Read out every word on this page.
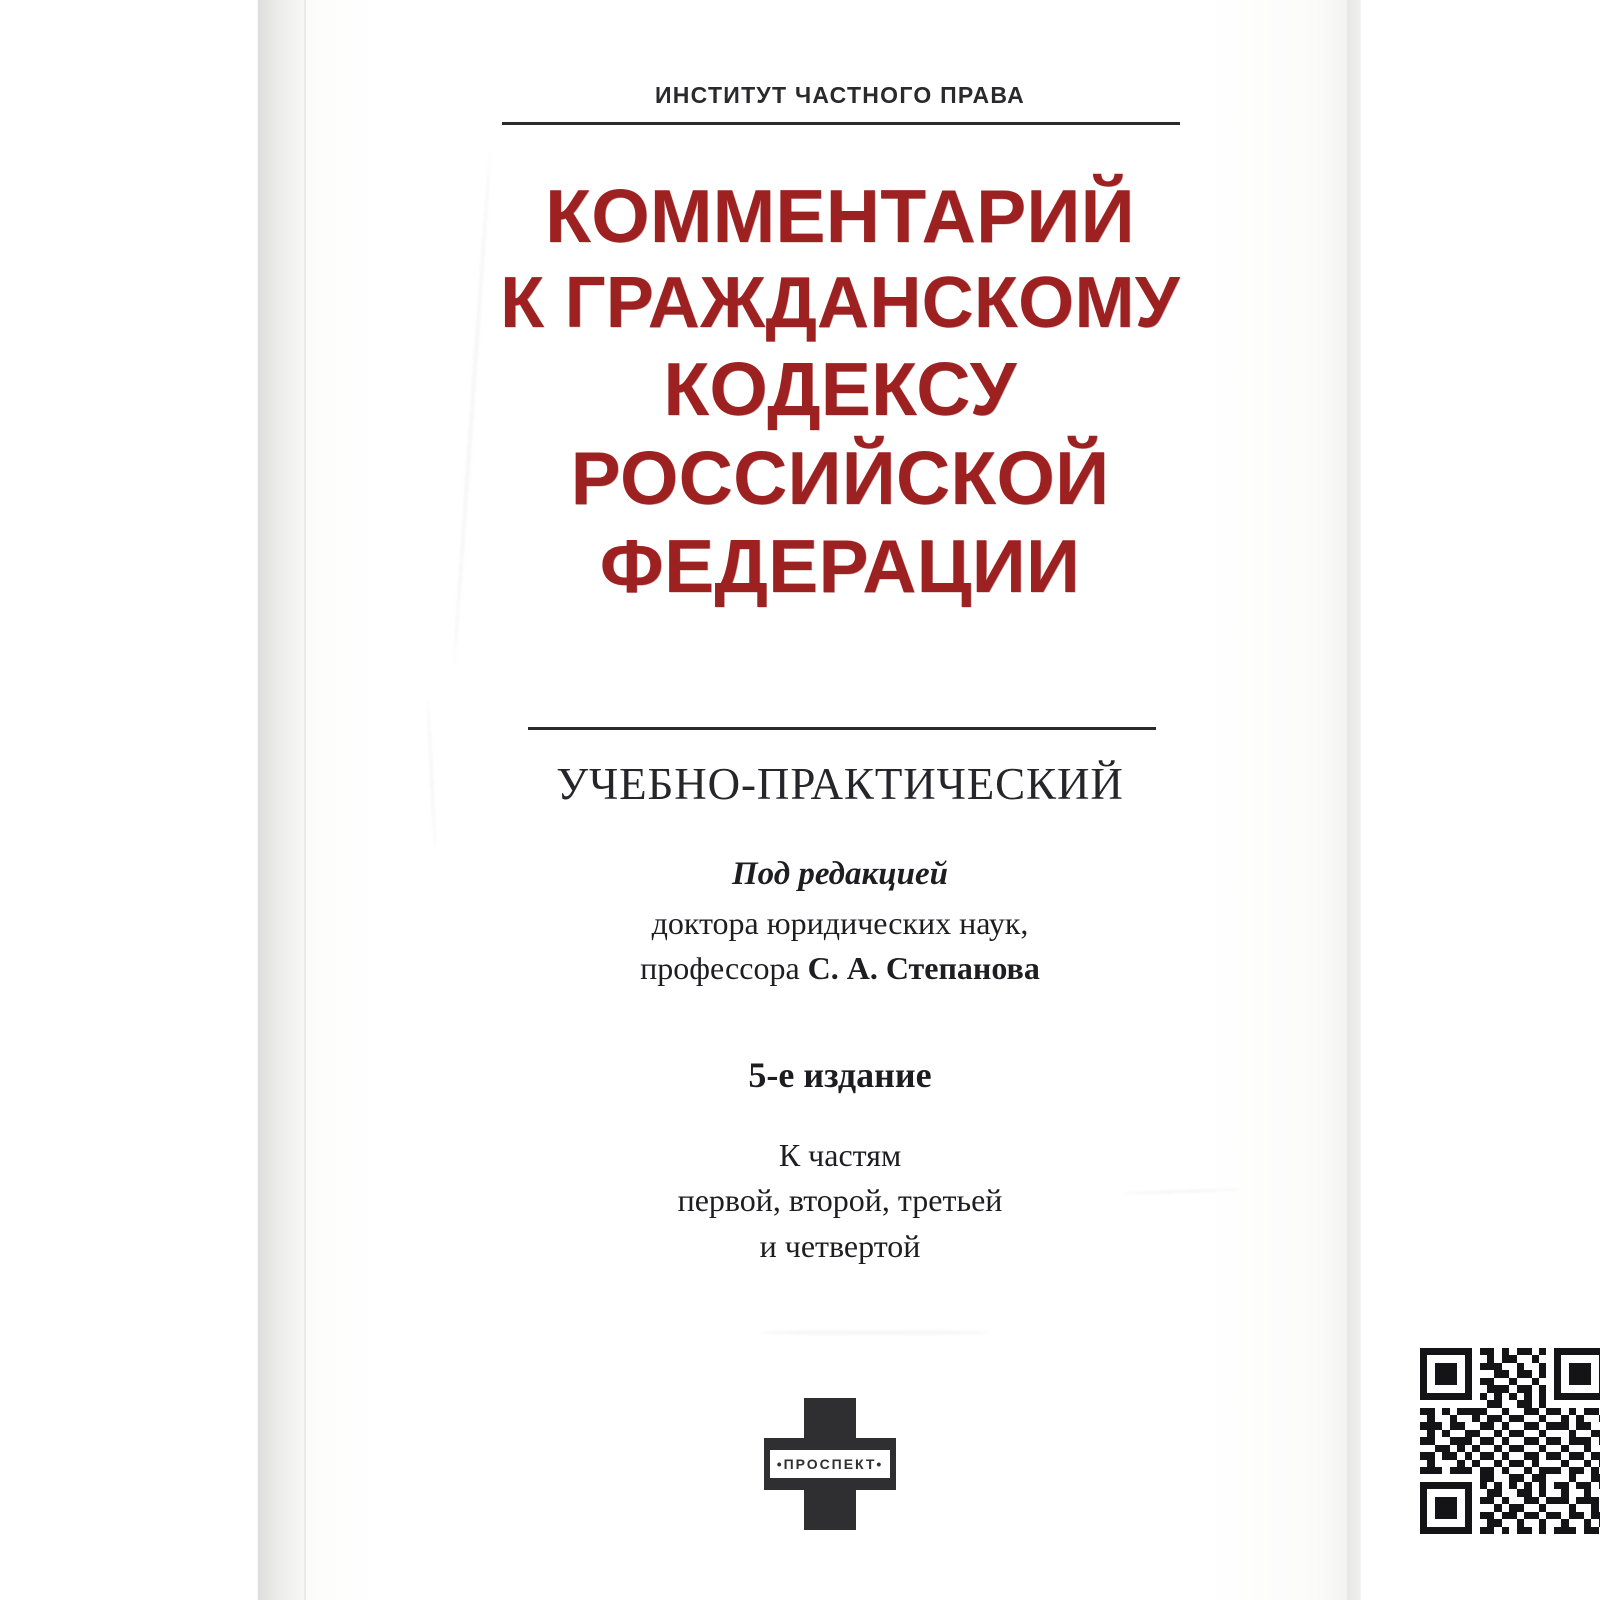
ИНСТИТУТ ЧАСТНОГО ПРАВА
КОММЕНТАРИЙ
К ГРАЖДАНСКОМУ
КОДЕКСУ
РОССИЙСКОЙ
ФЕДЕРАЦИИ
УЧЕБНО-ПРАКТИЧЕСКИЙ
Под редакцией
доктора юридических наук,
профессора С. А. Степанова
5-е издание
К частям
первой, второй, третьей
и четвертой
•ПРОСПЕКТ•
